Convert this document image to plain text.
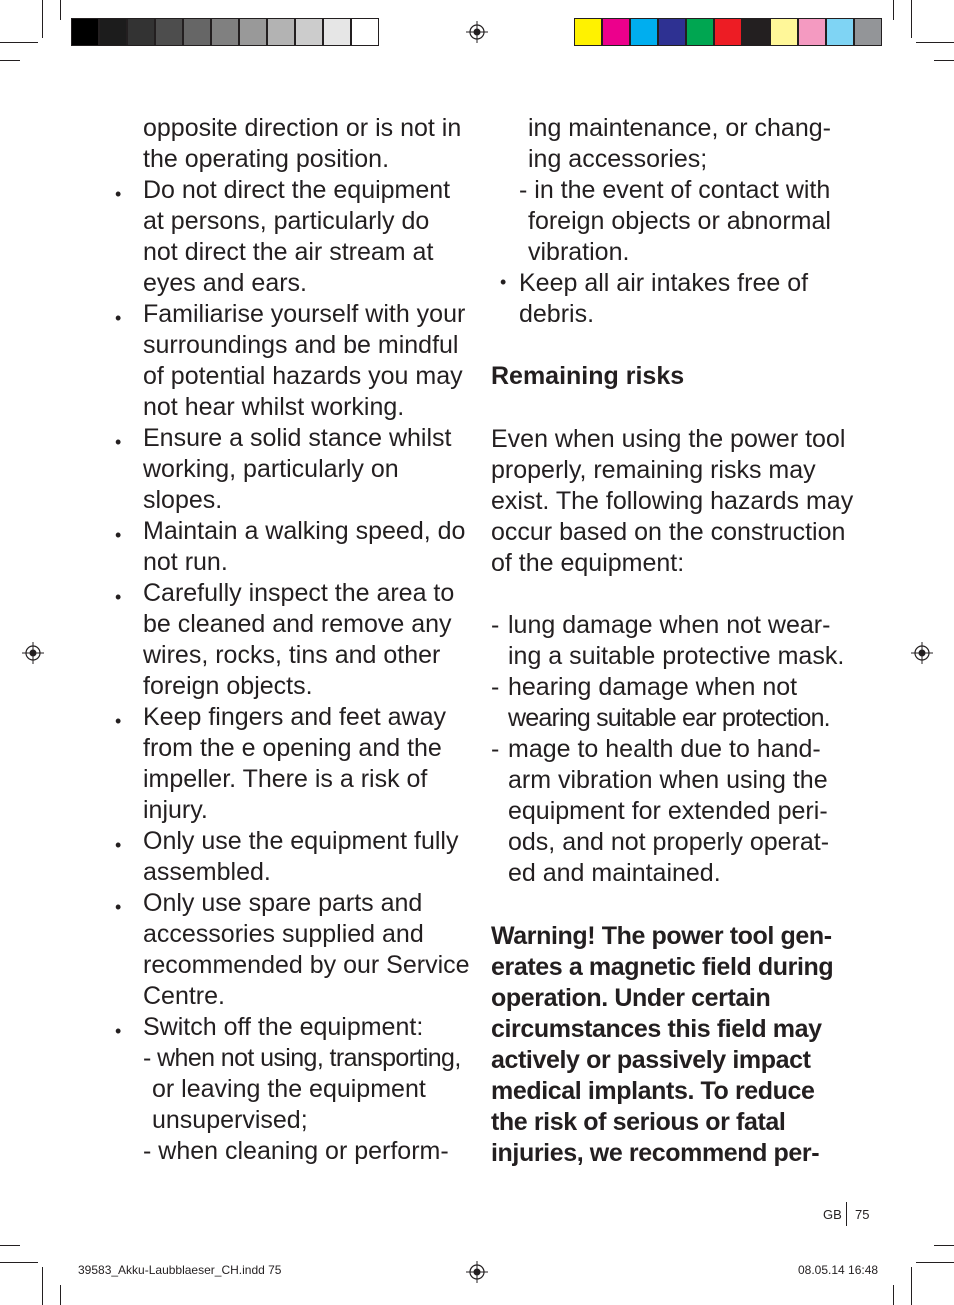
opposite direction or is not in
the operating position.
• Do not direct the equipment
at persons, particularly do
not direct the air stream at
eyes and ears.
• Familiarise yourself with your
surroundings and be mindful
of potential hazards you may
not hear whilst working.
• Ensure a solid stance whilst
working, particularly on
slopes.
• Maintain a walking speed, do
not run.
• Carefully inspect the area to
be cleaned and remove any
wires, rocks, tins and other
foreign objects.
• Keep fingers and feet away
from the e opening and the
impeller. There is a risk of
injury.
• Only use the equipment fully
assembled.
• Only use spare parts and
accessories supplied and
recommended by our Service
Centre.
• Switch off the equipment:
- when not using, transporting,
or leaving the equipment
unsupervised;
- when cleaning or perform-
ing maintenance, or chang-
ing accessories;
- in the event of contact with
foreign objects or abnormal
vibration.
• Keep all air intakes free of
debris.
Remaining risks
Even when using the power tool
properly, remaining risks may
exist. The following hazards may
occur based on the construction
of the equipment:
- lung damage when not wear-
ing a suitable protective mask.
- hearing damage when not
wearing suitable ear protection.
- mage to health due to hand-
arm vibration when using the
equipment for extended peri-
ods, and not properly operat-
ed and maintained.
Warning! The power tool gen-
erates a magnetic field during
operation. Under certain
circumstances this field may
actively or passively impact
medical implants. To reduce
the risk of serious or fatal
injuries, we recommend per-
GB 75
39583_Akku-Laubblaeser_CH.indd 75	08.05.14 16:48
